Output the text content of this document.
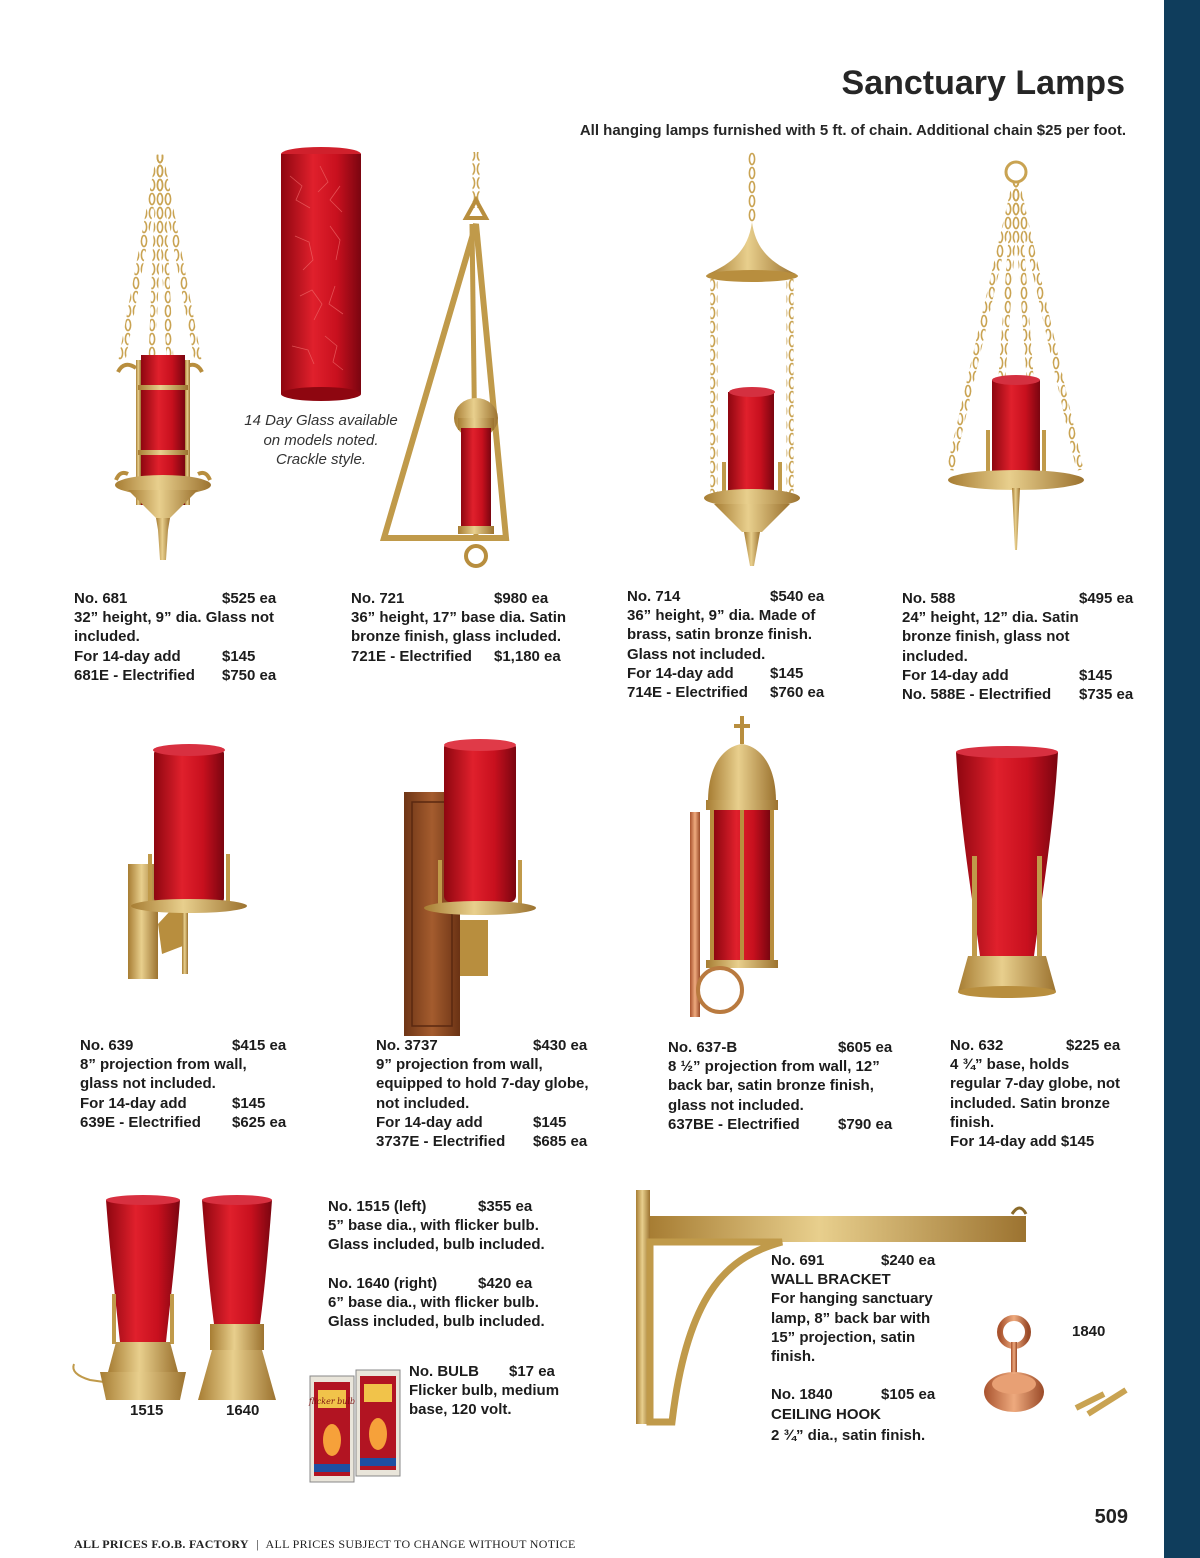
Sanctuary Lamps
All hanging lamps furnished with 5 ft. of chain. Additional chain $25 per foot.
14 Day Glass available
on models noted.
Crackle style.
No. 681	$525 ea
32” height, 9” dia. Glass not
included.
For 14-day add	$145
681E - Electrified $750 ea
No. 721	$980 ea
36” height, 17” base dia. Satin
bronze finish, glass included.
721E - Electrified $1,180 ea
No. 714	$540 ea
36” height, 9” dia. Made of
brass, satin bronze finish.
Glass not included.
For 14-day add $145
714E - Electrified $760 ea
No. 588	$495 ea
24” height, 12” dia. Satin
bronze finish, glass not
included.
For 14-day add	$145
No. 588E - Electrified $735 ea
No. 639	$415 ea
8” projection from wall,
glass not included.
For 14-day add	$145
639E - Electrified $625 ea
No. 3737	$430 ea
9” projection from wall,
equipped to hold 7-day globe,
not included.
For 14-day add	$145
3737E - Electrified $685 ea
No. 637-B	$605 ea
8 ½” projection from wall, 12”
back bar, satin bronze finish,
glass not included.
637BE - Electrified	$790 ea
No. 632	$225 ea
4 ¾” base, holds
regular 7-day globe, not
included. Satin bronze
finish.
For 14-day add $145
1515	1640
flicker bulb
1840
No. 1515 (left)	$355 ea
5” base dia., with flicker bulb.
Glass included, bulb included.

No. 1640 (right)	$420 ea
6” base dia., with flicker bulb.
Glass included, bulb included.
No. BULB $17 ea
Flicker bulb, medium
base, 120 volt.
No. 691	$240 ea
WALL BRACKET
For hanging sanctuary
lamp, 8” back bar with
15” projection, satin
finish.

No. 1840	$105 ea
CEILING HOOK
2 ¾” dia., satin finish.
ALL PRICES F.O.B. FACTORY | ALL PRICES SUBJECT TO CHANGE WITHOUT NOTICE
509
